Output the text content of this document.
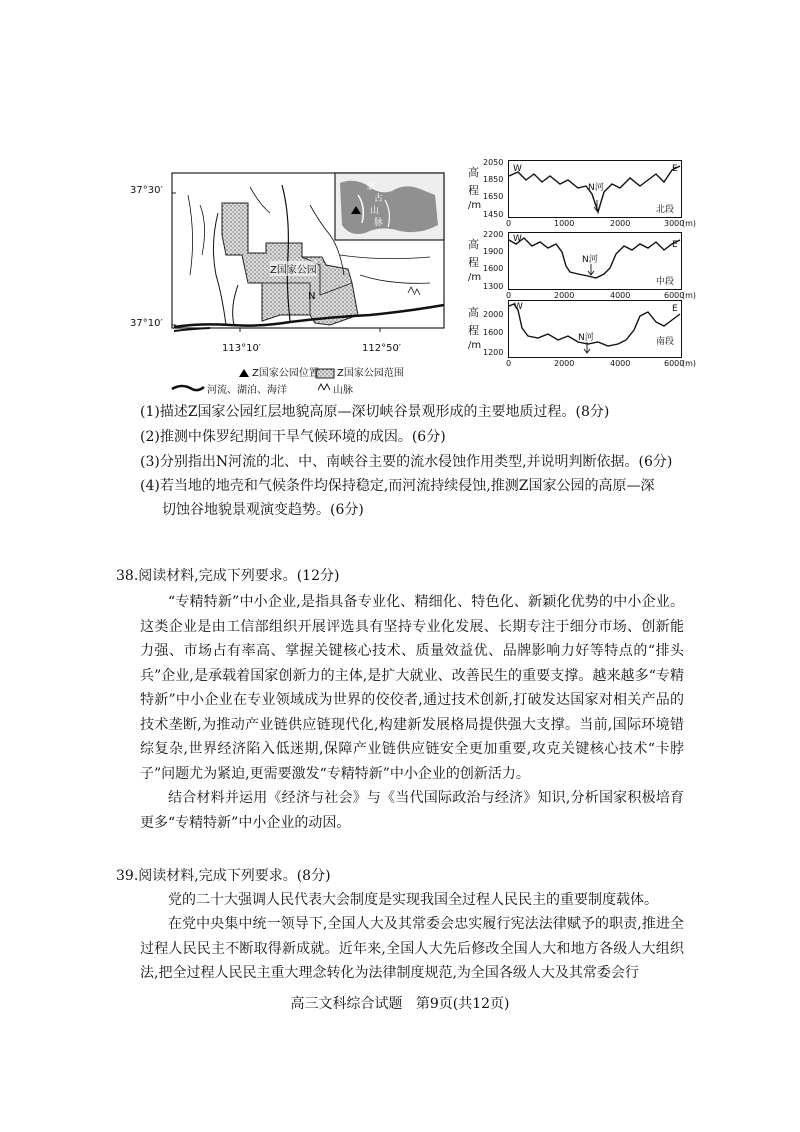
37°30′
37°10′
113°10′	112°50′
Z国家公园
N
蒙
古
山
脉
Z国家公园位置 Z国家公园范围
河流、湖泊、海洋	山脉
高
程
/m
2050
1850
1650
1450
W	E
N河
北段
0	1000	2000	3000
(m)
高
程
/m
2200
1900
1600
1300
W
E
N河
中段
0	2000	4000	6000
(m)
高
程
/m
2000
1600
1200
W	E
N河	南段
0	2000	4000	6000
(m)
(1)描述Z国家公园红层地貌高原—深切峡谷景观形成的主要地质过程。(8分)
(2)推测中侏罗纪期间干旱气候环境的成因。(6分)
(3)分别指出N河流的北、中、南峡谷主要的流水侵蚀作用类型,并说明判断依据。(6分)
(4)若当地的地壳和气候条件均保持稳定,而河流持续侵蚀,推测Z国家公园的高原—深
切蚀谷地貌景观演变趋势。(6分)
38.阅读材料,完成下列要求。(12分)

“专精特新”中小企业,是指具备专业化、精细化、特色化、新颖化优势的中小企业。这类企业是由工信部组织开展评选具有坚持专业化发展、长期专注于细分市场、创新能力强、市场占有率高、掌握关键核心技术、质量效益优、品牌影响力好等特点的“排头兵”企业,是承载着国家创新力的主体,是扩大就业、改善民生的重要支撑。越来越多“专精特新”中小企业在专业领域成为世界的佼佼者,通过技术创新,打破发达国家对相关产品的技术垄断,为推动产业链供应链现代化,构建新发展格局提供强大支撑。当前,国际环境错综复杂,世界经济陷入低迷期,保障产业链供应链安全更加重要,攻克关键核心技术“卡脖子”问题尤为紧迫,更需要激发“专精特新”中小企业的创新活力。

结合材料并运用《经济与社会》与《当代国际政治与经济》知识,分析国家积极培育更多“专精特新”中小企业的动因。

39.阅读材料,完成下列要求。(8分)

党的二十大强调人民代表大会制度是实现我国全过程人民民主的重要制度载体。

在党中央集中统一领导下,全国人大及其常委会忠实履行宪法法律赋予的职责,推进全过程人民民主不断取得新成就。近年来,全国人大先后修改全国人大和地方各级人大组织法,把全过程人民民主重大理念转化为法律制度规范,为全国各级人大及其常委会行

高三文科综合试题   第9页(共12页)
